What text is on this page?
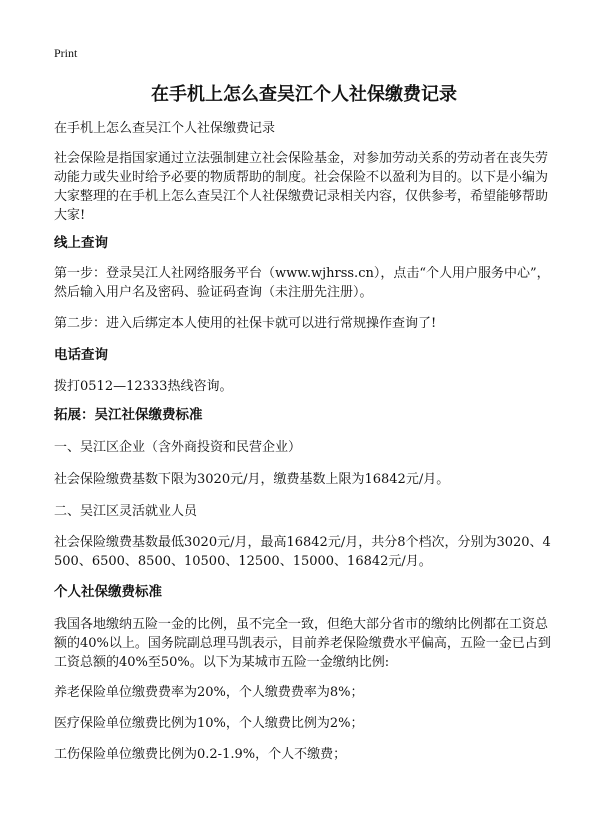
Print
在手机上怎么查吴江个人社保缴费记录

在手机上怎么查吴江个人社保缴费记录

社会保险是指国家通过立法强制建立社会保险基金，对参加劳动关系的劳动者在丧失劳动能力或失业时给予必要的物质帮助的制度。社会保险不以盈利为目的。以下是小编为大家整理的在手机上怎么查吴江个人社保缴费记录相关内容，仅供参考，希望能够帮助大家!

线上查询

第一步：登录吴江人社网络服务平台（www.wjhrss.cn），点击“个人用户服务中心”，然后输入用户名及密码、验证码查询（未注册先注册）。

第二步：进入后绑定本人使用的社保卡就可以进行常规操作查询了!

电话查询

拨打0512—12333热线咨询。

拓展：吴江社保缴费标准

一、吴江区企业（含外商投资和民营企业）

社会保险缴费基数下限为3020元/月，缴费基数上限为16842元/月。

二、吴江区灵活就业人员

社会保险缴费基数最低3020元/月，最高16842元/月，共分8个档次，分别为3020、4500、6500、8500、10500、12500、15000、16842元/月。

个人社保缴费标准

我国各地缴纳五险一金的比例，虽不完全一致，但绝大部分省市的缴纳比例都在工资总额的40%以上。国务院副总理马凯表示，目前养老保险缴费水平偏高，五险一金已占到工资总额的40%至50%。以下为某城市五险一金缴纳比例:

养老保险单位缴费费率为20%，个人缴费费率为8%；

医疗保险单位缴费比例为10%，个人缴费比例为2%；

工伤保险单位缴费比例为0.2-1.9%，个人不缴费；
